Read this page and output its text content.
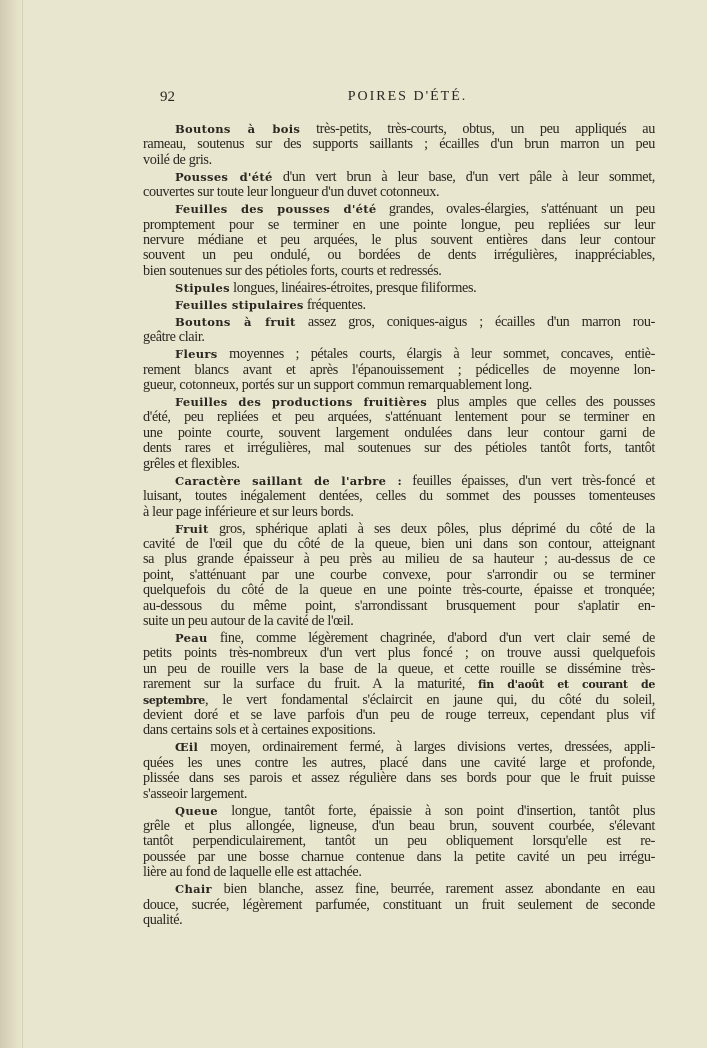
92	POIRES D'ÉTÉ.
Boutons à bois très-petits, très-courts, obtus, un peu appliqués au
rameau, soutenus sur des supports saillants ; écailles d'un brun marron un peu
voilé de gris.
Pousses d'été d'un vert brun à leur base, d'un vert pâle à leur sommet,
couvertes sur toute leur longueur d'un duvet cotonneux.
Feuilles des pousses d'été grandes, ovales-élargies, s'atténuant un peu
promptement pour se terminer en une pointe longue, peu repliées sur leur
nervure médiane et peu arquées, le plus souvent entières dans leur contour
souvent un peu ondulé, ou bordées de dents irrégulières, inappréciables,
bien soutenues sur des pétioles forts, courts et redressés.
Stipules longues, linéaires-étroites, presque filiformes.
Feuilles stipulaires fréquentes.
Boutons à fruit assez gros, coniques-aigus ; écailles d'un marron rou-
geâtre clair.
Fleurs moyennes ; pétales courts, élargis à leur sommet, concaves, entiè-
rement blancs avant et après l'épanouissement ; pédicelles de moyenne lon-
gueur, cotonneux, portés sur un support commun remarquablement long.
Feuilles des productions fruitières plus amples que celles des pousses
d'été, peu repliées et peu arquées, s'atténuant lentement pour se terminer en
une pointe courte, souvent largement ondulées dans leur contour garni de
dents rares et irrégulières, mal soutenues sur des pétioles tantôt forts, tantôt
grêles et flexibles.
Caractère saillant de l'arbre : feuilles épaisses, d'un vert très-foncé et
luisant, toutes inégalement dentées, celles du sommet des pousses tomenteuses
à leur page inférieure et sur leurs bords.
Fruit gros, sphérique aplati à ses deux pôles, plus déprimé du côté de la
cavité de l'œil que du côté de la queue, bien uni dans son contour, atteignant
sa plus grande épaisseur à peu près au milieu de sa hauteur ; au-dessus de ce
point, s'atténuant par une courbe convexe, pour s'arrondir ou se terminer
quelquefois du côté de la queue en une pointe très-courte, épaisse et tronquée;
au-dessous du même point, s'arrondissant brusquement pour s'aplatir en-
suite un peu autour de la cavité de l'œil.
Peau fine, comme légèrement chagrinée, d'abord d'un vert clair semé de
petits points très-nombreux d'un vert plus foncé ; on trouve aussi quelquefois
un peu de rouille vers la base de la queue, et cette rouille se dissémine très-
rarement sur la surface du fruit. A la maturité, fin d'août et courant de
septembre, le vert fondamental s'éclaircit en jaune qui, du côté du soleil,
devient doré et se lave parfois d'un peu de rouge terreux, cependant plus vif
dans certains sols et à certaines expositions.
Œil moyen, ordinairement fermé, à larges divisions vertes, dressées, appli-
quées les unes contre les autres, placé dans une cavité large et profonde,
plissée dans ses parois et assez régulière dans ses bords pour que le fruit puisse
s'asseoir largement.
Queue longue, tantôt forte, épaissie à son point d'insertion, tantôt plus
grêle et plus allongée, ligneuse, d'un beau brun, souvent courbée, s'élevant
tantôt perpendiculairement, tantôt un peu obliquement lorsqu'elle est re-
poussée par une bosse charnue contenue dans la petite cavité un peu irrégu-
lière au fond de laquelle elle est attachée.
Chair bien blanche, assez fine, beurrée, rarement assez abondante en eau
douce, sucrée, légèrement parfumée, constituant un fruit seulement de seconde
qualité.
